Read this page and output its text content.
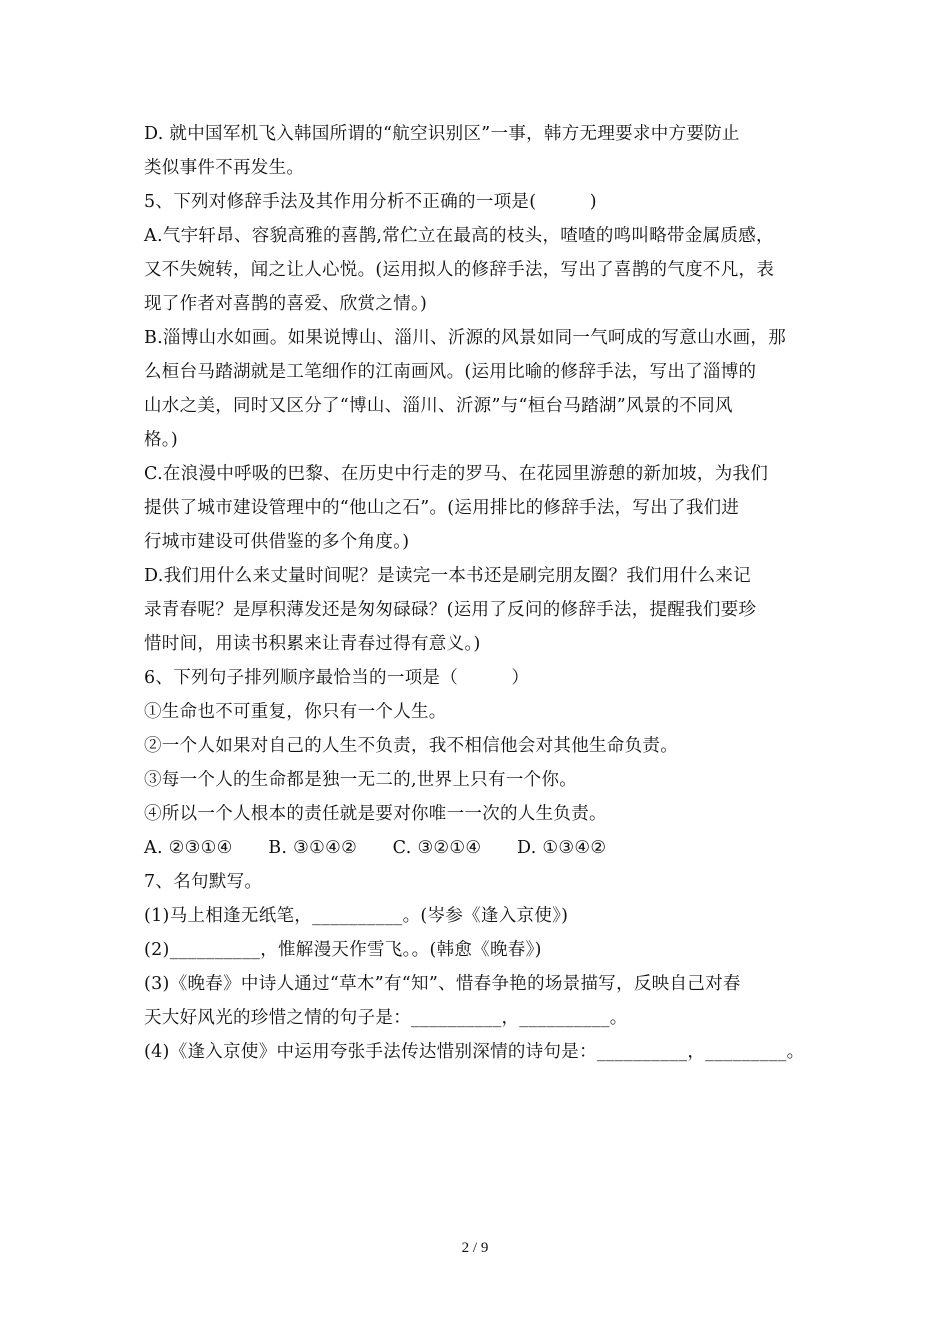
D. 就中国军机飞入韩国所谓的“航空识别区”一事，韩方无理要求中方要防止
类似事件不再发生。
5、下列对修辞手法及其作用分析不正确的一项是(　　　)
A.气宇轩昂、容貌高雅的喜鹊,常伫立在最高的枝头，喳喳的鸣叫略带金属质感，
又不失婉转，闻之让人心悦。(运用拟人的修辞手法，写出了喜鹊的气度不凡，表
现了作者对喜鹊的喜爱、欣赏之情。)
B.淄博山水如画。如果说博山、淄川、沂源的风景如同一气呵成的写意山水画，那
么桓台马踏湖就是工笔细作的江南画风。(运用比喻的修辞手法，写出了淄博的
山水之美，同时又区分了“博山、淄川、沂源”与“桓台马踏湖”风景的不同风
格。)
C.在浪漫中呼吸的巴黎、在历史中行走的罗马、在花园里游憩的新加坡，为我们
提供了城市建设管理中的“他山之石”。(运用排比的修辞手法，写出了我们进
行城市建设可供借鉴的多个角度。)
D.我们用什么来丈量时间呢？是读完一本书还是刷完朋友圈？我们用什么来记
录青春呢？是厚积薄发还是匆匆碌碌？(运用了反问的修辞手法，提醒我们要珍
惜时间，用读书积累来让青春过得有意义。)
6、下列句子排列顺序最恰当的一项是（　　　）
①生命也不可重复，你只有一个人生。
②一个人如果对自己的人生不负责，我不相信他会对其他生命负责。
③每一个人的生命都是独一无二的,世界上只有一个你。
④所以一个人根本的责任就是要对你唯一一次的人生负责。
A. ②③①④　　B. ③①④②　　C. ③②①④　　D. ①③④②
7、名句默写。
(1)马上相逢无纸笔，__________。(岑参《逢入京使》)
(2)__________，惟解漫天作雪飞。。(韩愈《晚春》)
(3)《晚春》中诗人通过“草木”有“知”、惜春争艳的场景描写，反映自己对春
天大好风光的珍惜之情的句子是：__________，__________。
(4)《逢入京使》中运用夸张手法传达惜别深情的诗句是：__________，_________。
2 / 9
